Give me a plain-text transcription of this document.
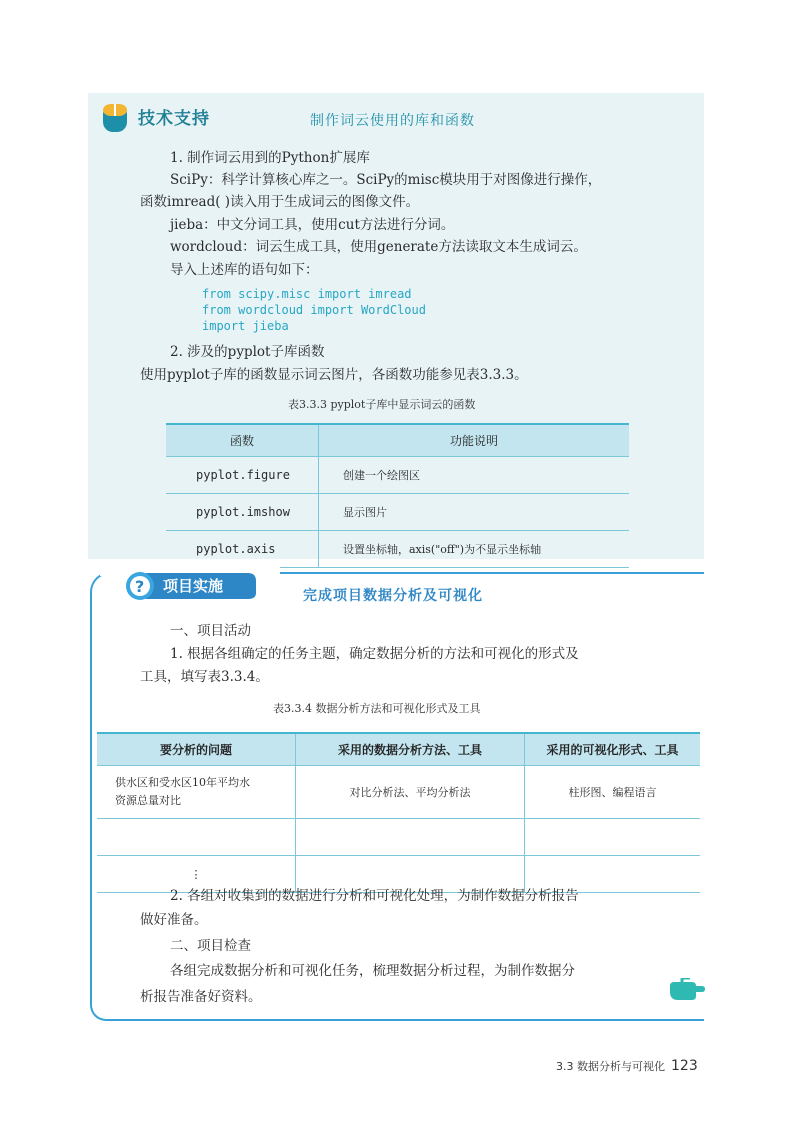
技术支持	制作词云使用的库和函数
1. 制作词云用到的Python扩展库
SciPy：科学计算核心库之一。SciPy的misc模块用于对图像进行操作，
函数imread( )读入用于生成词云的图像文件。
jieba：中文分词工具，使用cut方法进行分词。
wordcloud：词云生成工具，使用generate方法读取文本生成词云。
导入上述库的语句如下：
from scipy.misc import imread
from wordcloud import WordCloud
import jieba
2. 涉及的pyplot子库函数
使用pyplot子库的函数显示词云图片，各函数功能参见表3.3.3。
表3.3.3 pyplot子库中显示词云的函数
函数	功能说明
pyplot.figure	创建一个绘图区
pyplot.imshow	显示图片
pyplot.axis	设置坐标轴，axis("off")为不显示坐标轴
? 项目实施
完成项目数据分析及可视化
一、项目活动
1. 根据各组确定的任务主题，确定数据分析的方法和可视化的形式及
工具，填写表3.3.4。
表3.3.4 数据分析方法和可视化形式及工具
要分析的问题	采用的数据分析方法、工具	采用的可视化形式、工具
供水区和受水区10年平均水
资源总量对比	对比分析法、平均分析法	柱形图、编程语言

⋮		
2. 各组对收集到的数据进行分析和可视化处理，为制作数据分析报告
做好准备。
二、项目检查
各组完成数据分析和可视化任务，梳理数据分析过程，为制作数据分
析报告准备好资料。
3.3 数据分析与可视化 123
